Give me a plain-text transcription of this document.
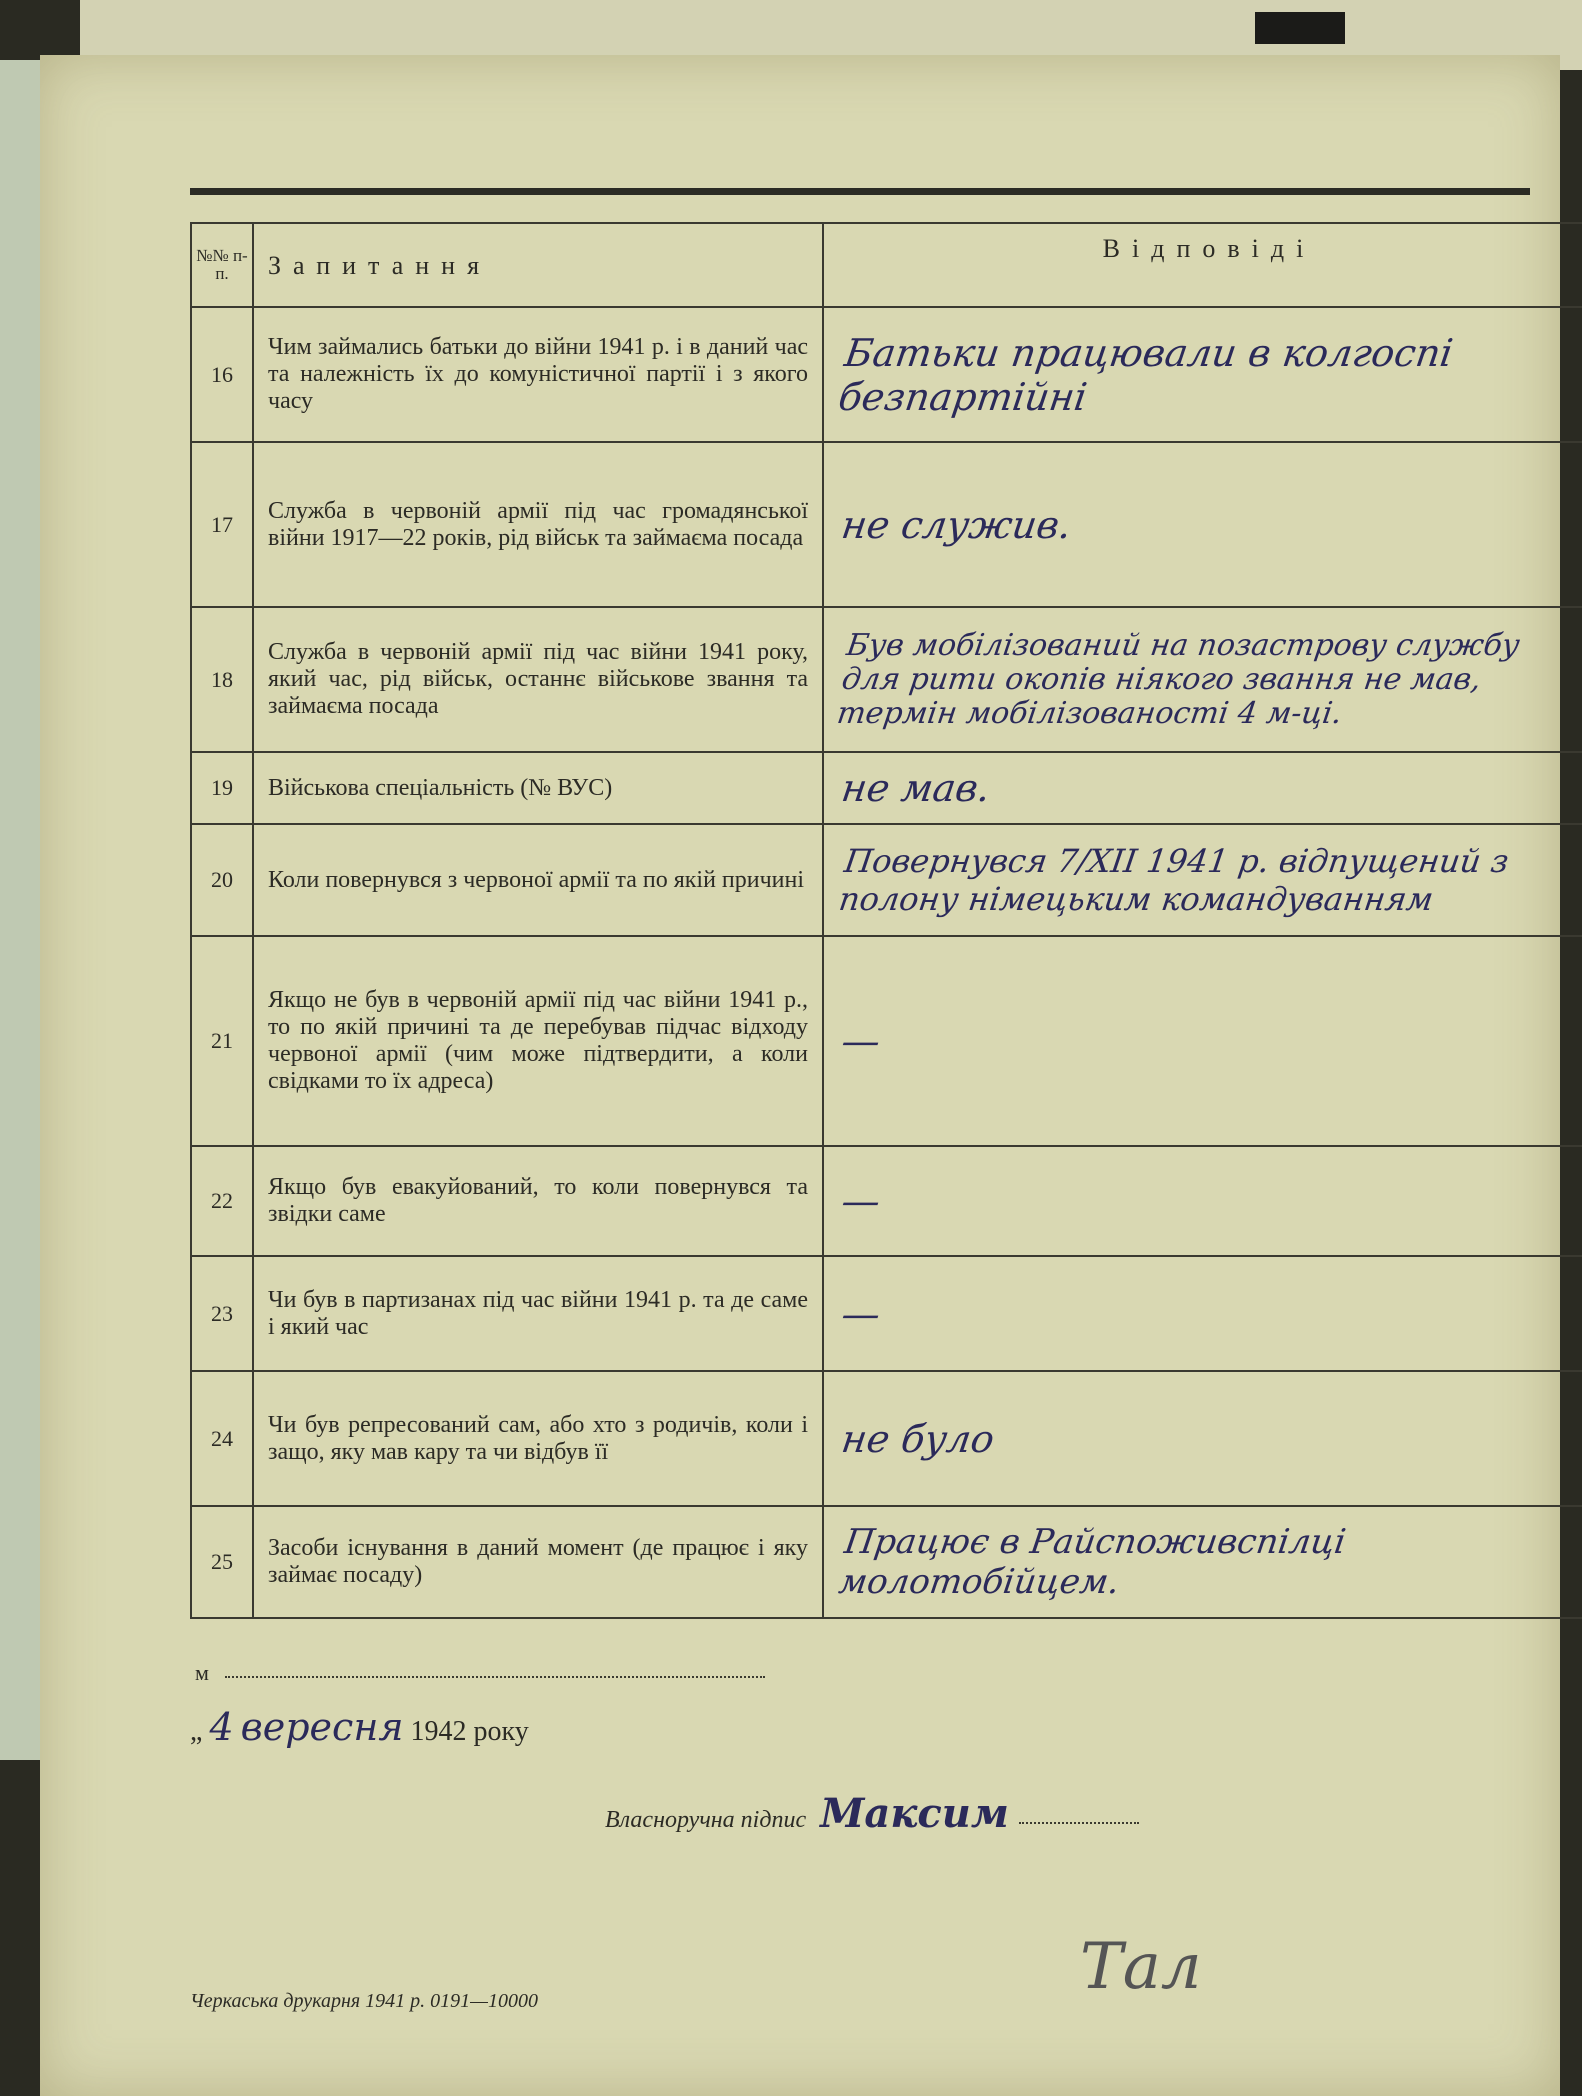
№№ п-п.	Запитання	Відповіді
16	Чим займались батьки до війни 1941 р. і в даний час та належність їх до комуністичної партії і з якого часу	Батьки працювали в колгоспі безпартійні

17	Служба в червоній армії під час громадянської війни 1917—22 років, рід військ та займаєма посада	не служив.

18	Служба в червоній армії під час війни 1941 року, який час, рід військ, останнє військове звання та займаєма посада	Був мобілізований на позастрову службу для рити окопів ніякого звання не мав, термін мобілізованості 4 м-ці.

19	Військова спеціальність (№ ВУС)	не мав.

20	Коли повернувся з червоної армії та по якій причині	Повернувся 7/XII 1941 р. відпущений з полону німецьким командуванням

21	Якщо не був в червоній армії під час війни 1941 р., то по якій причині та де перебував підчас відходу червоної армії (чим може підтвердити, а коли свідками то їх адреса)	—

22	Якщо був евакуйований, то коли повернувся та звідки саме	—

23	Чи був в партизанах під час війни 1941 р. та де саме і який час	—

24	Чи був репресований сам, або хто з родичів, коли і защо, яку мав кару та чи відбув її	не було

25	Засоби існування в даний момент (де працює і яку займає посаду)	Працює в Райспоживспілці молотобійцем.
м
„ 4 вересня 1942 року
Власноручна підпис Максим
Тал
Черкаська друкарня 1941 р. 0191—10000
